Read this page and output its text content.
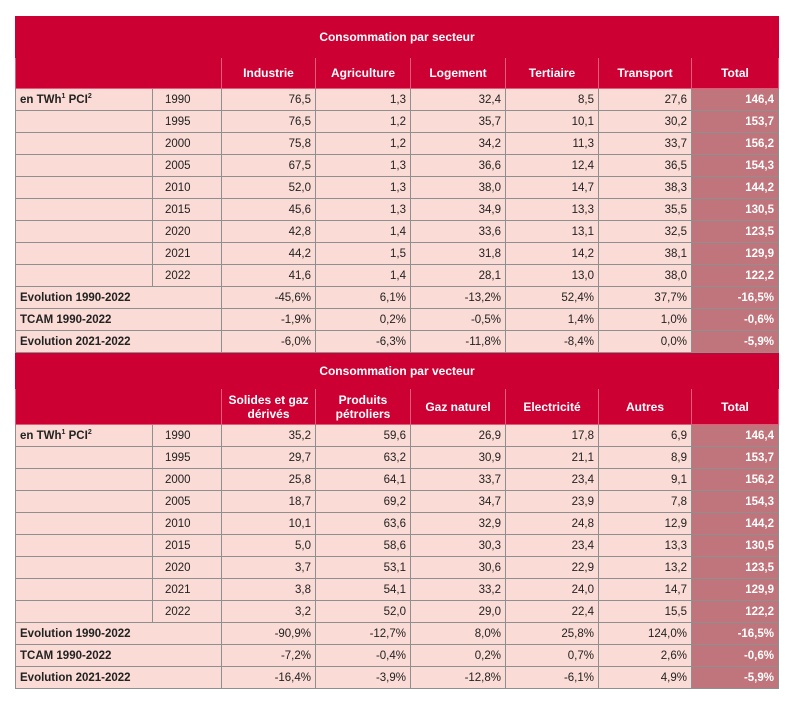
Consommation par secteur							
		Industrie	Agriculture	Logement	Tertiaire	Transport	Total
en TWh$^1$ PCI$^2$	1990	76,5	1,3	32,4	8,5	27,6	146,4
	1995	76,5	1,2	35,7	10,1	30,2	153,7
	2000	75,8	1,2	34,2	11,3	33,7	156,2
	2005	67,5	1,3	36,6	12,4	36,5	154,3
	2010	52,0	1,3	38,0	14,7	38,3	144,2
	2015	45,6	1,3	34,9	13,3	35,5	130,5
	2020	42,8	1,4	33,6	13,1	32,5	123,5
	2021	44,2	1,5	31,8	14,2	38,1	129,9
	2022	41,6	1,4	28,1	13,0	38,0	122,2
Evolution 1990-2022		-45,6%	6,1%	-13,2%	52,4%	37,7%	-16,5%
TCAM 1990-2022		-1,9%	0,2%	-0,5%	1,4%	1,0%	-0,6%
Evolution 2021-2022		-6,0%	-6,3%	-11,8%	-8,4%	0,0%	-5,9%
Consommation par vecteur							
		Solides et gaz dérivés	Produits pétroliers	Gaz naturel	Electricité	Autres	Total
en TWh$^1$ PCI$^2$	1990	35,2	59,6	26,9	17,8	6,9	146,4
	1995	29,7	63,2	30,9	21,1	8,9	153,7
	2000	25,8	64,1	33,7	23,4	9,1	156,2
	2005	18,7	69,2	34,7	23,9	7,8	154,3
	2010	10,1	63,6	32,9	24,8	12,9	144,2
	2015	5,0	58,6	30,3	23,4	13,3	130,5
	2020	3,7	53,1	30,6	22,9	13,2	123,5
	2021	3,8	54,1	33,2	24,0	14,7	129,9
	2022	3,2	52,0	29,0	22,4	15,5	122,2
Evolution 1990-2022		-90,9%	-12,7%	8,0%	25,8%	124,0%	-16,5%
TCAM 1990-2022		-7,2%	-0,4%	0,2%	0,7%	2,6%	-0,6%
Evolution 2021-2022		-16,4%	-3,9%	-12,8%	-6,1%	4,9%	-5,9%
